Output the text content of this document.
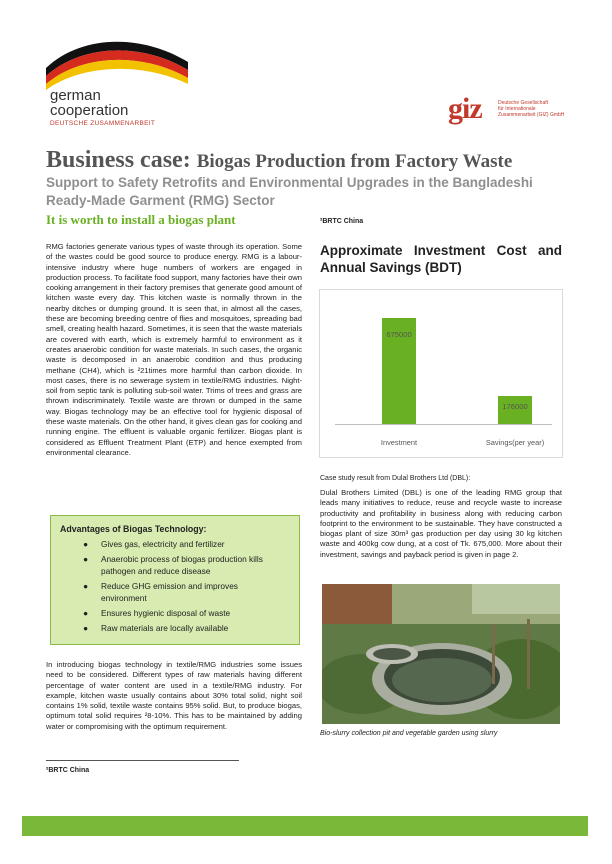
german
cooperation
DEUTSCHE ZUSAMMENARBEIT	giz	Deutsche Gesellschaft
für Internationale
Zusammenarbeit (GIZ) GmbH
Business case: Biogas Production from Factory Waste
Support to Safety Retrofits and Environmental Upgrades in the Bangladeshi
Ready-Made Garment (RMG) Sector
It is worth to install a biogas plant
RMG factories generate various types of waste through its operation. Some of the wastes could be good source to produce energy. RMG is a labour-intensive industry where huge numbers of workers are engaged in production process. To facilitate food support, many factories have their own cooking arrangement in their factory premises that generate good amount of kitchen waste every day. This kitchen waste is normally thrown in the nearby ditches or dumping ground. It is seen that, in almost all the cases, these are becoming breeding centre of flies and mosquitoes, spreading bad smell, creating health hazard. Sometimes, it is seen that the waste materials are covered with earth, which is extremely harmful to environment as it creates anaerobic condition for waste materials. In such cases, the organic waste is decomposed in an anaerobic condition and thus producing methane (CH4), which is ²21times more harmful than carbon dioxide. In most cases, there is no sewerage system in textile/RMG industries. Night-soil from septic tank is polluting sub-soil water. Trims of trees and grass are thrown indiscriminately. Textile waste are thrown or dumped in the same way. Biogas technology may be an effective tool for hygienic disposal of these waste materials. On the other hand, it gives clean gas for cooking and running engine. The effluent is valuable organic fertilizer. Biogas plant is considered as Effluent Treatment Plant (ETP) and hence exempted from environmental clearance.
Advantages of Biogas Technology:
● Gives gas, electricity and fertilizer
● Anaerobic process of biogas production kills pathogen and reduce disease
● Reduce GHG emission and improves environment
● Ensures hygienic disposal of waste
● Raw materials are locally available
In introducing biogas technology in textile/RMG industries some issues need to be considered. Different types of raw materials having different percentage of water content are used in a textile/RMG industry. For example, kitchen waste usually contains about 30% total solid, night soil contains 1% solid, textile waste contains 95% solid. But, to produce biogas, optimum total solid requires ²8-10%. This has to be maintained by adding water or compromising with the optimum requirement.
²BRTC China
²BRTC China
Approximate Investment Cost and Annual Savings (BDT)
675000
Investment
176000
Savings(per year)
Case study result from Dulal Brothers Ltd (DBL):
Dulal Brothers Limited (DBL) is one of the leading RMG group that leads many initiatives to reduce, reuse and recycle waste to increase productivity and profitability in business along with reducing carbon footprint to the environment to be sustainable. They have constructed a biogas plant of size 30m³ gas production per day using 30 kg kitchen waste and 400kg cow dung, at a cost of Tk. 675,000. More about their investment, savings and payback period is given in page 2.
Bio-slurry collection pit and vegetable garden using slurry
